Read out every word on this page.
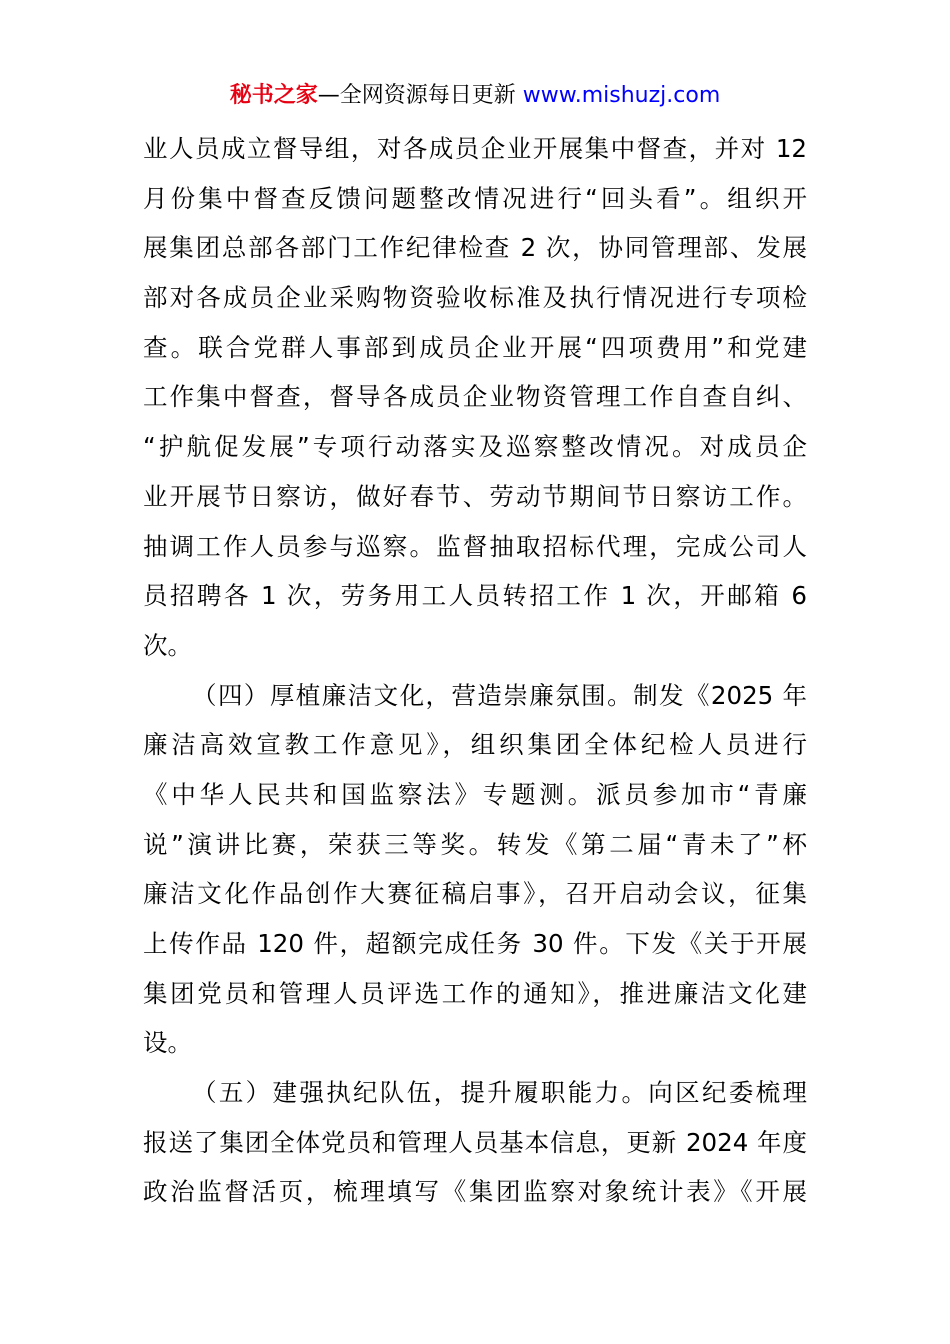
秘书之家—全网资源每日更新 www.mishuzj.com
业人员成立督导组，对各成员企业开展集中督查，并对 12
月份集中督查反馈问题整改情况进行“回头看”。组织开
展集团总部各部门工作纪律检查 2 次，协同管理部、发展
部对各成员企业采购物资验收标准及执行情况进行专项检
查。联合党群人事部到成员企业开展“四项费用”和党建
工作集中督查，督导各成员企业物资管理工作自查自纠、
“护航促发展”专项行动落实及巡察整改情况。对成员企
业开展节日察访，做好春节、劳动节期间节日察访工作。
抽调工作人员参与巡察。监督抽取招标代理，完成公司人
员招聘各 1 次，劳务用工人员转招工作 1 次，开邮箱 6
次。
（四）厚植廉洁文化，营造崇廉氛围。制发《2025 年
廉洁高效宣教工作意见》，组织集团全体纪检人员进行
《中华人民共和国监察法》专题测。派员参加市“青廉
说”演讲比赛，荣获三等奖。转发《第二届“青未了”杯
廉洁文化作品创作大赛征稿启事》，召开启动会议，征集
上传作品 120 件，超额完成任务 30 件。下发《关于开展
集团党员和管理人员评选工作的通知》，推进廉洁文化建
设。
（五）建强执纪队伍，提升履职能力。向区纪委梳理
报送了集团全体党员和管理人员基本信息，更新 2024 年度
政治监督活页，梳理填写《集团监察对象统计表》《开展
